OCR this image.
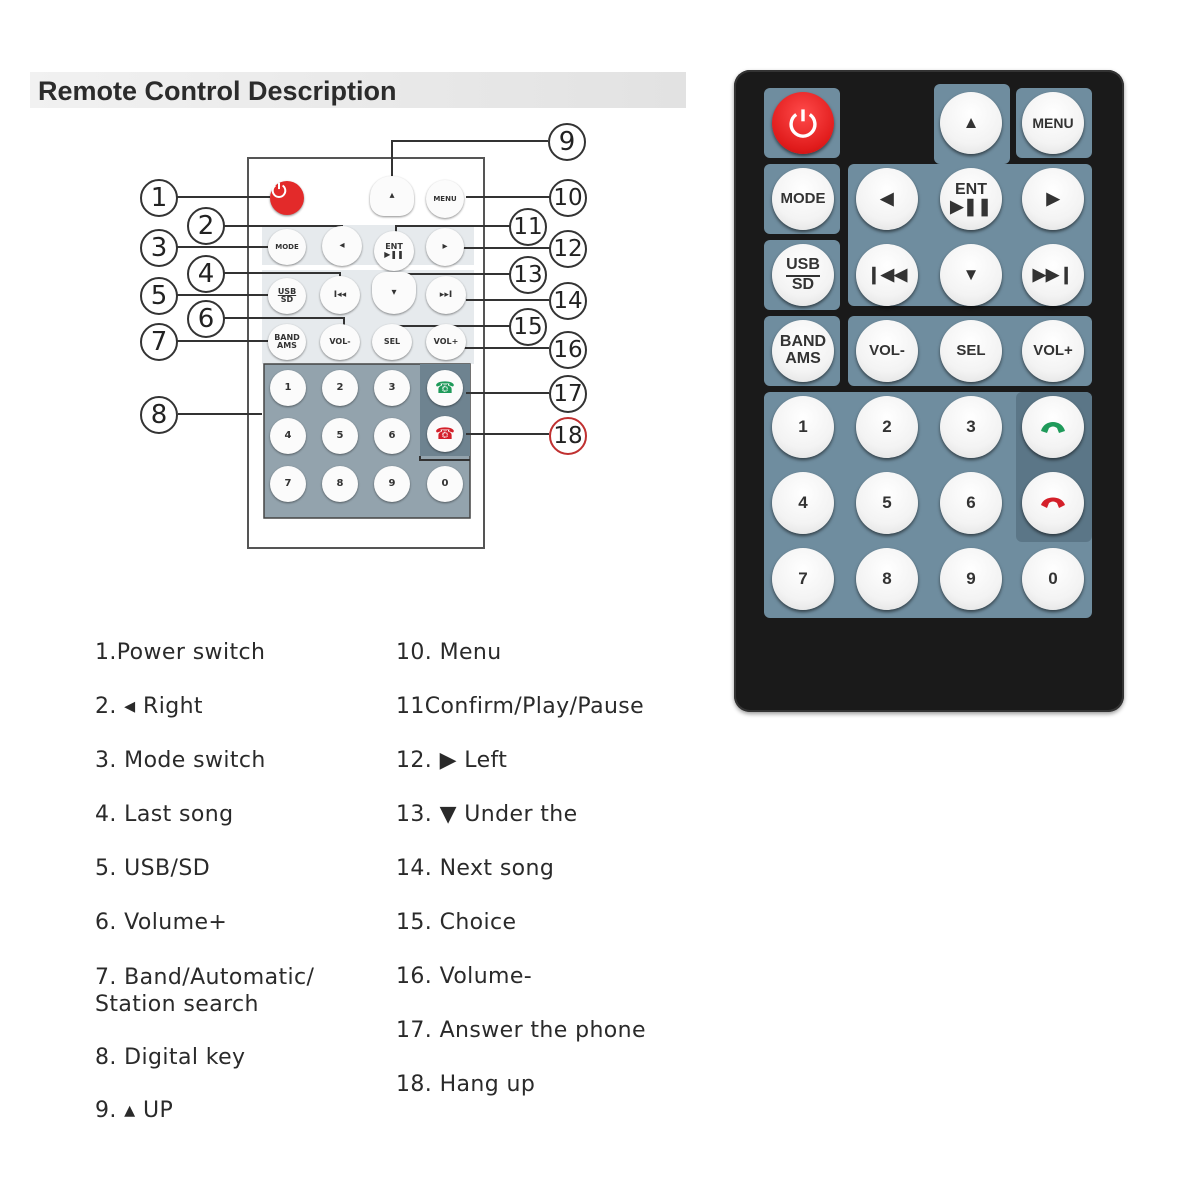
Remote Control Description
▴	MENU
MODE	◂	ENT
▶❚❚
▸
USB
SD	I◂◂	▾	▸▸I
BAND
AMS	VOL-	SEL	VOL+
1	2	3 ☎
4	5	6 ☎
7	8	9	0
1
2
3
4
5
6
7
8
9
10
11
12
13
14
15
16
17
18
1.Power switch
2. ◂ Right
3. Mode switch
4. Last song
5. USB/SD
6. Volume+
7. Band/Automatic/ Station search
8. Digital key
9. ▴ UP
10. Menu
11Confirm/Play/Pause
12. ▶ Left
13. ▼ Under the
14. Next song
15. Choice
16. Volume-
17. Answer the phone
18. Hang up
▲	MENU
MODE	◀	ENT
▶❚❚	▶
USB
SD	❙◀◀	▼	▶▶❙
BAND
AMS	VOL-	SEL	VOL+
1	2	3
4	5	6
7	8	9	0
